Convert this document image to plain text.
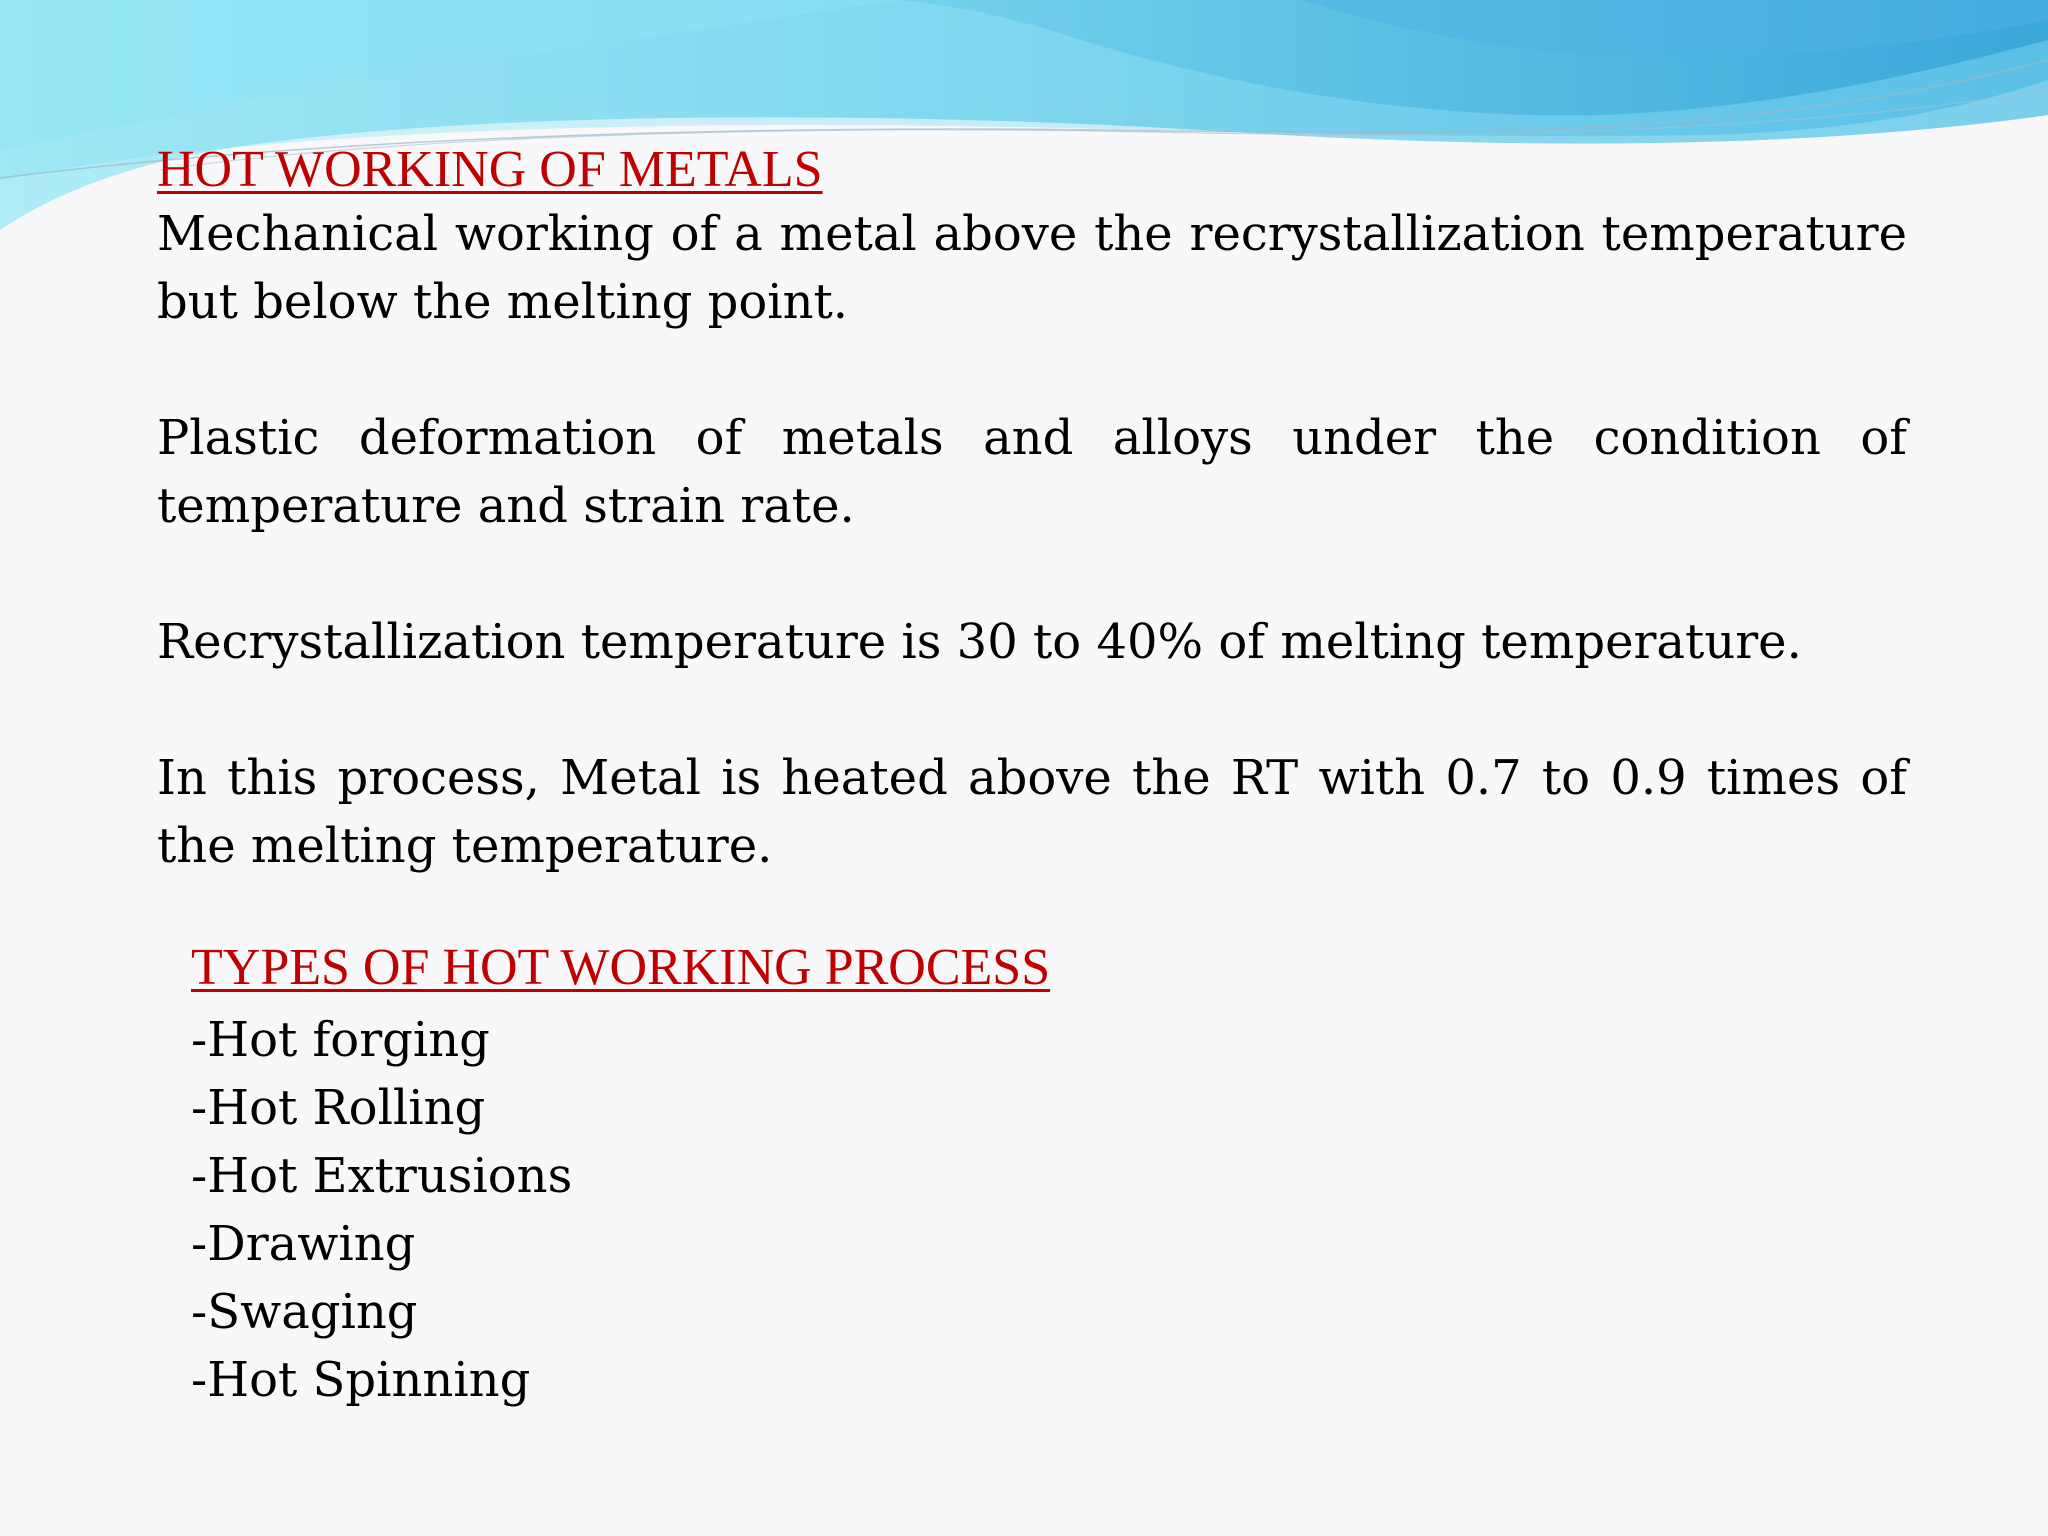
HOT WORKING OF METALS

Mechanical working of a metal above the recrystallization temperature but below the melting point.

Plastic deformation of metals and alloys under the condition of temperature and strain rate.

Recrystallization temperature is 30 to 40% of melting temperature.

In this process, Metal is heated above the RT with 0.7 to 0.9 times of the melting temperature.

TYPES OF HOT WORKING PROCESS

-Hot forging
-Hot Rolling
-Hot Extrusions
-Drawing
-Swaging
-Hot Spinning
